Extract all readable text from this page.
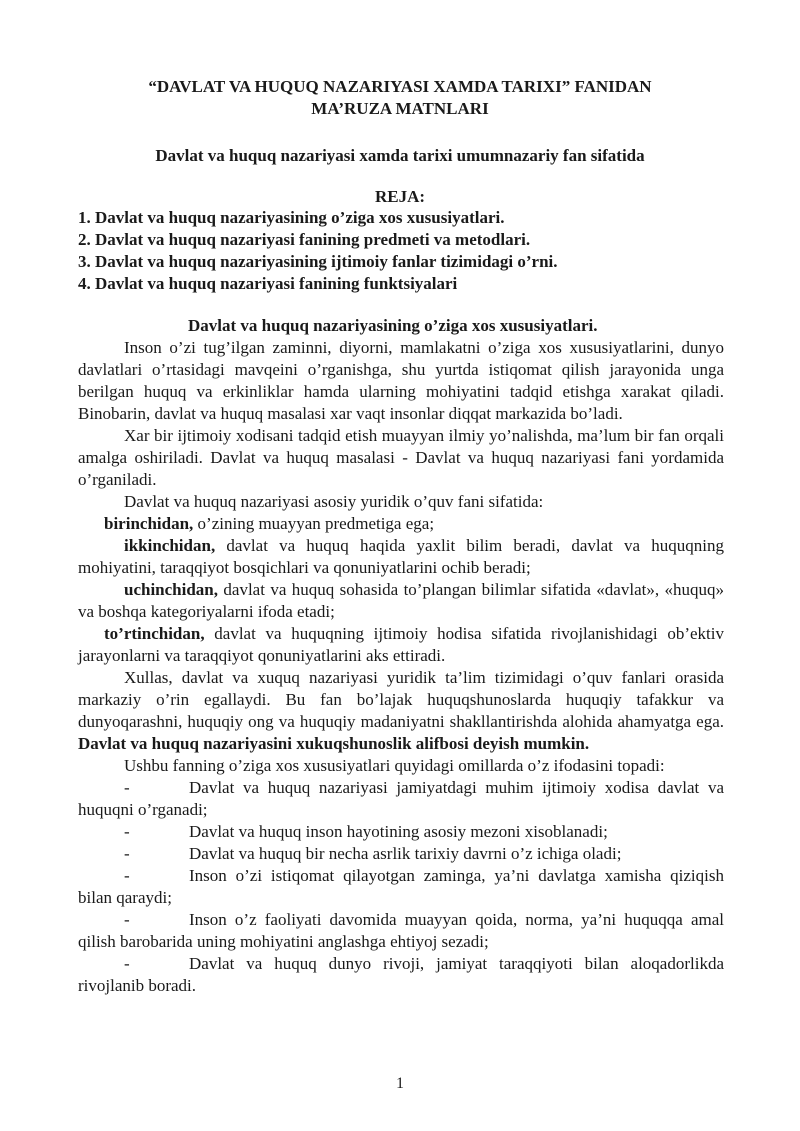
“DAVLAT VA HUQUQ NAZARIYASI XAMDA TARIXI” FANIDAN
MA’RUZA MATNLARI
Davlat va huquq nazariyasi xamda tarixi umumnazariy fan sifatida
REJA:
1. Davlat va huquq nazariyasining o’ziga xos xususiyatlari.
2. Davlat va huquq nazariyasi fanining predmeti va metodlari.
3. Davlat va huquq nazariyasining ijtimoiy fanlar tizimidagi o’rni.
4. Davlat va huquq nazariyasi fanining funktsiyalari

Davlat va huquq nazariyasining o’ziga xos xususiyatlari.

Inson o’zi tug’ilgan zaminni, diyorni, mamlakatni o’ziga xos xususiyatlarini, dunyo davlatlari o’rtasidagi mavqeini o’rganishga, shu yurtda istiqomat qilish jarayonida unga berilgan huquq va erkinliklar hamda ularning mohiyatini tadqid etishga xarakat qiladi. Binobarin, davlat va huquq masalasi xar vaqt insonlar diqqat markazida bo’ladi.

Xar bir ijtimoiy xodisani tadqid etish muayyan ilmiy yo’nalishda, ma’lum bir fan orqali amalga oshiriladi. Davlat va huquq masalasi - Davlat va huquq nazariyasi fani yordamida o’rganiladi.

Davlat va huquq nazariyasi asosiy yuridik o’quv fani sifatida:

birinchidan, o’zining muayyan predmetiga ega;

ikkinchidan, davlat va huquq haqida yaxlit bilim beradi, davlat va huquqning mohiyatini, taraqqiyot bosqichlari va qonuniyatlarini ochib beradi;

uchinchidan, davlat va huquq sohasida to’plangan bilimlar sifatida «davlat», «huquq» va boshqa kategoriyalarni ifoda etadi;

to’rtinchidan, davlat va huquqning ijtimoiy hodisa sifatida rivojlanishidagi ob’ektiv jarayonlarni va taraqqiyot qonuniyatlarini aks ettiradi.

Xullas, davlat va xuquq nazariyasi yuridik ta’lim tizimidagi o’quv fanlari orasida markaziy o’rin egallaydi. Bu fan bo’lajak huquqshunoslarda huquqiy tafakkur va dunyoqarashni, huquqiy ong va huquqiy madaniyatni shakllantirishda alohida ahamyatga ega. Davlat va huquq nazariyasini xukuqshunoslik alifbosi deyish mumkin.

Ushbu fanning o’ziga xos xususiyatlari quyidagi omillarda o’z ifodasini topadi:

-	Davlat va huquq nazariyasi jamiyatdagi muhim ijtimoiy xodisa davlat va huquqni o’rganadi;

-	Davlat va huquq inson hayotining asosiy mezoni xisoblanadi;

-	Davlat va huquq bir necha asrlik tarixiy davrni o’z ichiga oladi;

-	Inson o’zi istiqomat qilayotgan zaminga, ya’ni davlatga xamisha qiziqish bilan qaraydi;

-	Inson o’z faoliyati davomida muayyan qoida, norma, ya’ni huquqqa amal qilish barobarida uning mohiyatini anglashga ehtiyoj sezadi;

-	Davlat va huquq dunyo rivoji, jamiyat taraqqiyoti bilan aloqadorlikda rivojlanib boradi.

1
